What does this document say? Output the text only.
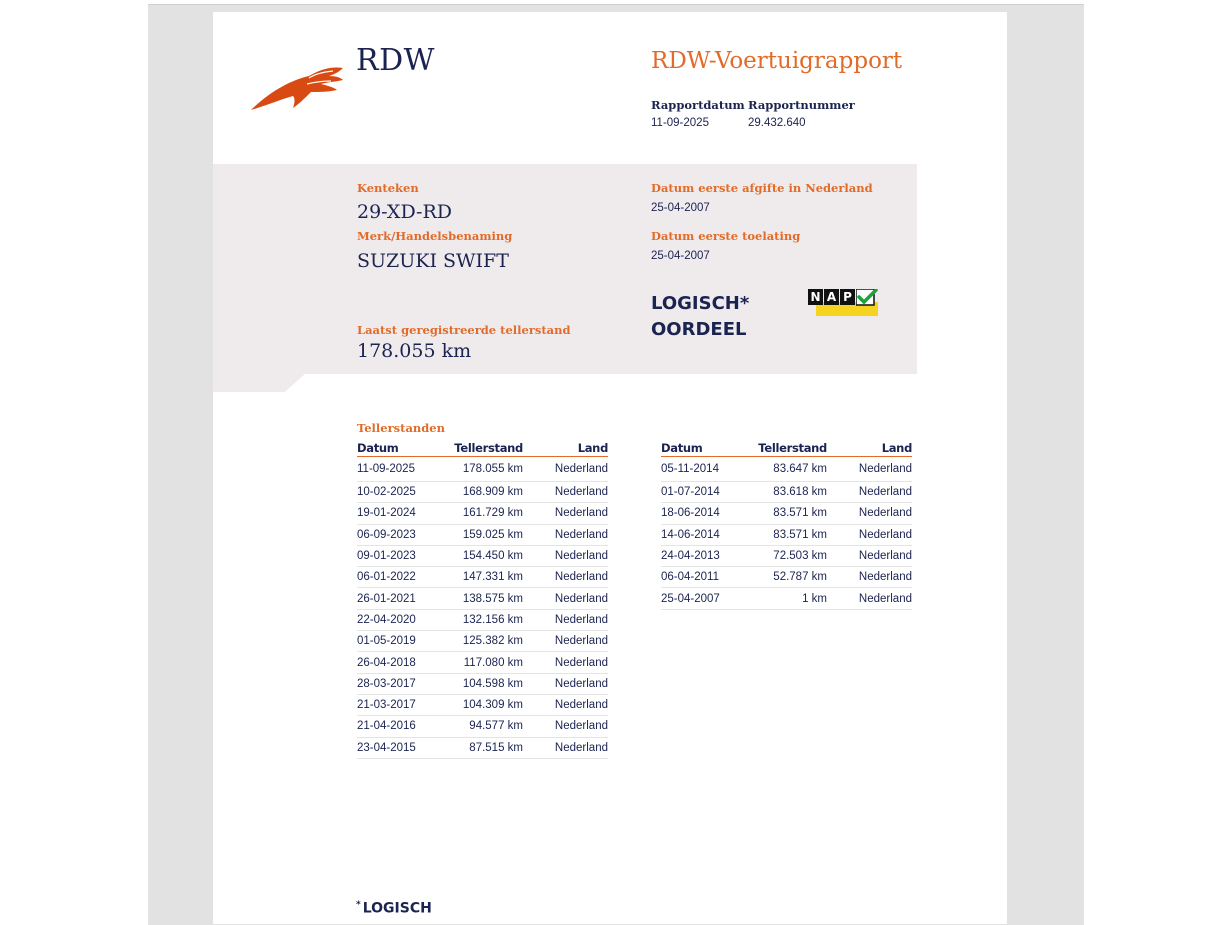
RDW	RDW-Voertuigrapport
Rapportdatum
11-09-2025
Rapportnummer
29.432.640
Kenteken
29-XD-RD
Merk/Handelsbenaming
SUZUKI SWIFT
Laatst geregistreerde tellerstand
178.055 km
Datum eerste afgifte in Nederland
25-04-2007
Datum eerste toelating
25-04-2007
LOGISCH*
OORDEEL
N A P
Tellerstanden
Datum	Tellerstand	Land
11-09-2025	178.055 km	Nederland
10-02-2025	168.909 km	Nederland
19-01-2024	161.729 km	Nederland
06-09-2023	159.025 km	Nederland
09-01-2023	154.450 km	Nederland
06-01-2022	147.331 km	Nederland
26-01-2021	138.575 km	Nederland
22-04-2020	132.156 km	Nederland
01-05-2019	125.382 km	Nederland
26-04-2018	117.080 km	Nederland
28-03-2017	104.598 km	Nederland
21-03-2017	104.309 km	Nederland
21-04-2016	94.577 km	Nederland
23-04-2015	87.515 km	Nederland
Datum	Tellerstand	Land
05-11-2014	83.647 km	Nederland
01-07-2014	83.618 km	Nederland
18-06-2014	83.571 km	Nederland
14-06-2014	83.571 km	Nederland
24-04-2013	72.503 km	Nederland
06-04-2011	52.787 km	Nederland
25-04-2007	1 km	Nederland
* LOGISCH
